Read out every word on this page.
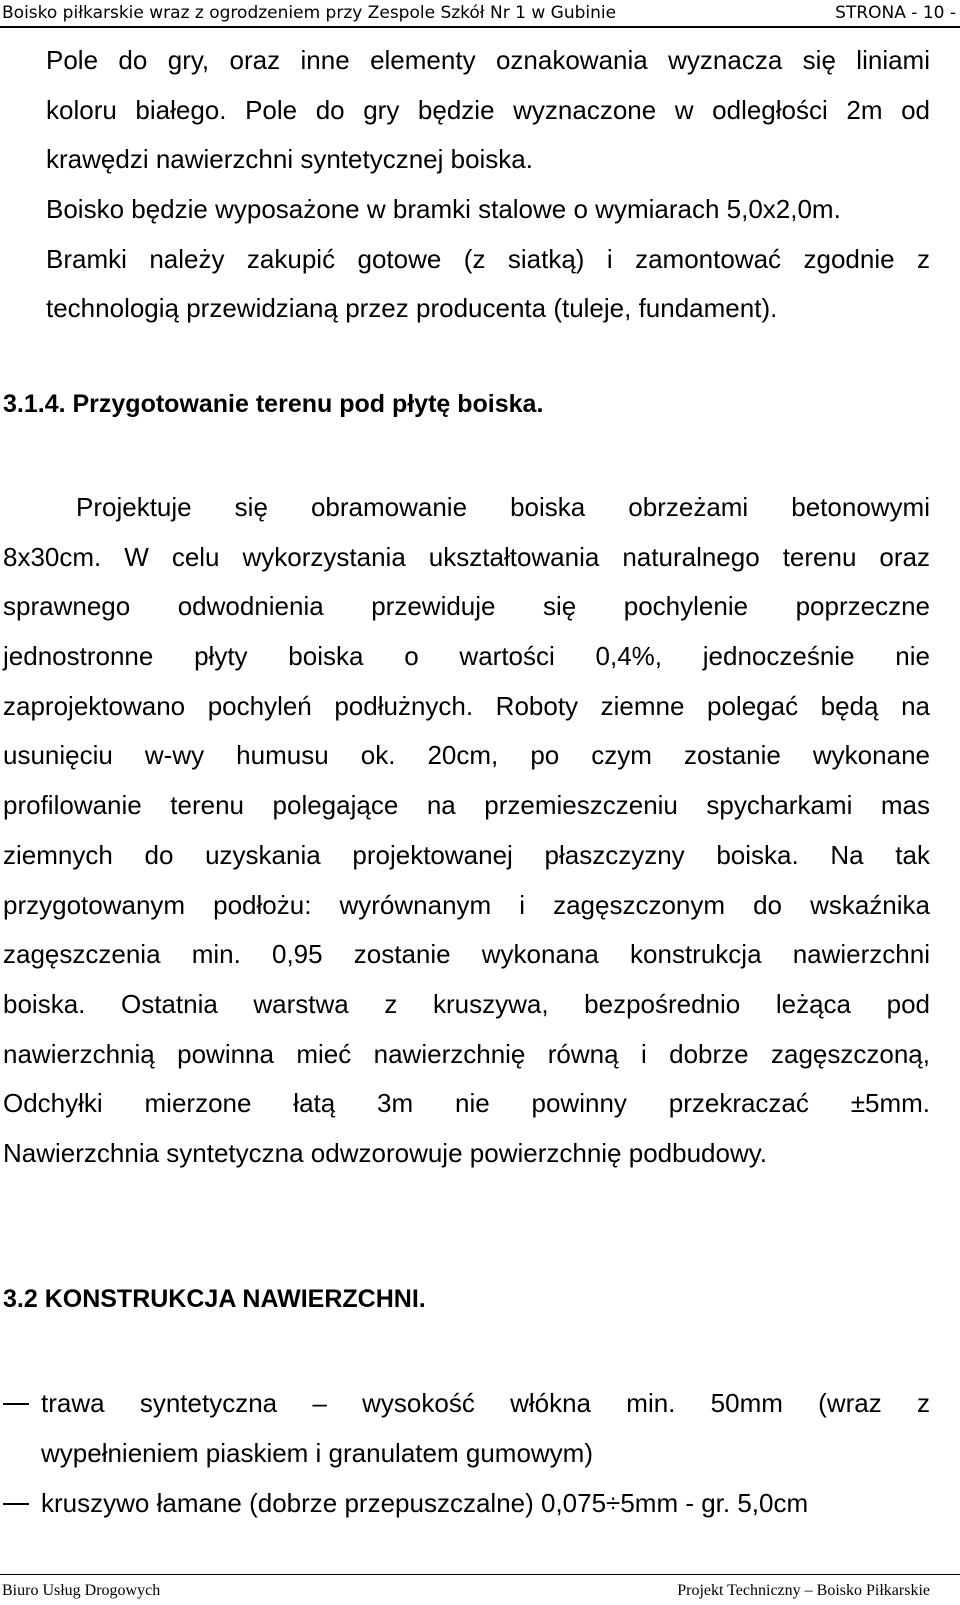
Boisko piłkarskie wraz z ogrodzeniem przy Zespole Szkół Nr 1 w Gubinie	STRONA - 10 -
Pole do gry, oraz inne elementy oznakowania wyznacza się liniami
koloru białego. Pole do gry będzie wyznaczone w odległości 2m od
krawędzi nawierzchni syntetycznej boiska.
Boisko będzie wyposażone w bramki stalowe o wymiarach 5,0x2,0m.
Bramki należy zakupić gotowe (z siatką) i zamontować zgodnie z
technologią przewidzianą przez producenta (tuleje, fundament).
3.1.4. Przygotowanie terenu pod płytę boiska.
Projektuje się obramowanie boiska obrzeżami betonowymi
8x30cm. W celu wykorzystania ukształtowania naturalnego terenu oraz
sprawnego odwodnienia przewiduje się pochylenie poprzeczne
jednostronne płyty boiska o wartości 0,4%, jednocześnie nie
zaprojektowano pochyleń podłużnych. Roboty ziemne polegać będą na
usunięciu w-wy humusu ok. 20cm, po czym zostanie wykonane
profilowanie terenu polegające na przemieszczeniu spycharkami mas
ziemnych do uzyskania projektowanej płaszczyzny boiska. Na tak
przygotowanym podłożu: wyrównanym i zagęszczonym do wskaźnika
zagęszczenia min. 0,95 zostanie wykonana konstrukcja nawierzchni
boiska. Ostatnia warstwa z kruszywa, bezpośrednio leżąca pod
nawierzchnią powinna mieć nawierzchnię równą i dobrze zagęszczoną,
Odchyłki mierzone łatą 3m nie powinny przekraczać ±5mm.
Nawierzchnia syntetyczna odwzorowuje powierzchnię podbudowy.
3.2 KONSTRUKCJA NAWIERZCHNI.
trawa syntetyczna – wysokość włókna min. 50mm (wraz z
wypełnieniem piaskiem i granulatem gumowym)
kruszywo łamane (dobrze przepuszczalne) 0,075÷5mm - gr. 5,0cm
Biuro Usług Drogowych	Projekt Techniczny – Boisko Piłkarskie
